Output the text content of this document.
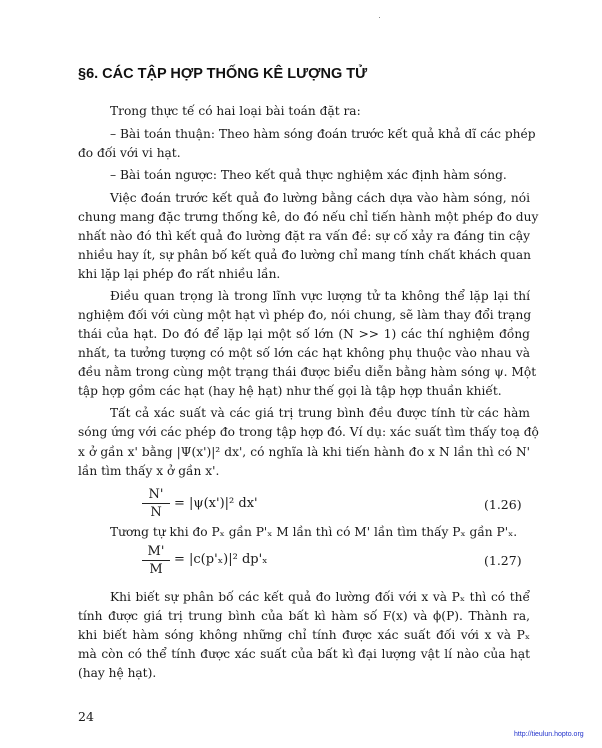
§6. CÁC TẬP HỢP THỐNG KÊ LƯỢNG TỬ
Trong thực tế có hai loại bài toán đặt ra:
– Bài toán thuận: Theo hàm sóng đoán trước kết quả khả dĩ các phép
đo đối với vi hạt.
– Bài toán ngược: Theo kết quả thực nghiệm xác định hàm sóng.
Việc đoán trước kết quả đo lường bằng cách dựa vào hàm sóng, nói
chung mang đặc trưng thống kê, do đó nếu chỉ tiến hành một phép đo duy
nhất nào đó thì kết quả đo lường đặt ra vấn đề: sự cố xảy ra đáng tin cậy
nhiều hay ít, sự phân bố kết quả đo lường chỉ mang tính chất khách quan
khi lặp lại phép đo rất nhiều lần.
Điều quan trọng là trong lĩnh vực lượng tử ta không thể lặp lại thí
nghiệm đối với cùng một hạt vì phép đo, nói chung, sẽ làm thay đổi trạng
thái của hạt. Do đó để lặp lại một số lớn (N >> 1) các thí nghiệm đồng
nhất, ta tưởng tượng có một số lớn các hạt không phụ thuộc vào nhau và
đều nằm trong cùng một trạng thái được biểu diễn bằng hàm sóng ψ. Một
tập hợp gồm các hạt (hay hệ hạt) như thế gọi là tập hợp thuần khiết.
Tất cả xác suất và các giá trị trung bình đều được tính từ các hàm
sóng ứng với các phép đo trong tập hợp đó. Ví dụ: xác suất tìm thấy toạ độ
x ở gần x' bằng |Ψ(x')|² dx', có nghĩa là khi tiến hành đo x N lần thì có N'
lần tìm thấy x ở gần x'.
$\frac{N'}{N} = |\psi(x')|^2$ dx'	(1.26)
Tương tự khi đo Pₓ gần P'ₓ M lần thì có M' lần tìm thấy Pₓ gần P'ₓ.
$\frac{M'}{M} = |c(p'_x)|^2$ dp'ₓ	(1.27)
Khi biết sự phân bố các kết quả đo lường đối với x và Pₓ thì có thể
tính được giá trị trung bình của bất kì hàm số F(x) và ϕ(P). Thành ra,
khi biết hàm sóng không những chỉ tính được xác suất đối với x và Pₓ
mà còn có thể tính được xác suất của bất kì đại lượng vật lí nào của hạt
(hay hệ hạt).
24
http://tieulun.hopto.org
